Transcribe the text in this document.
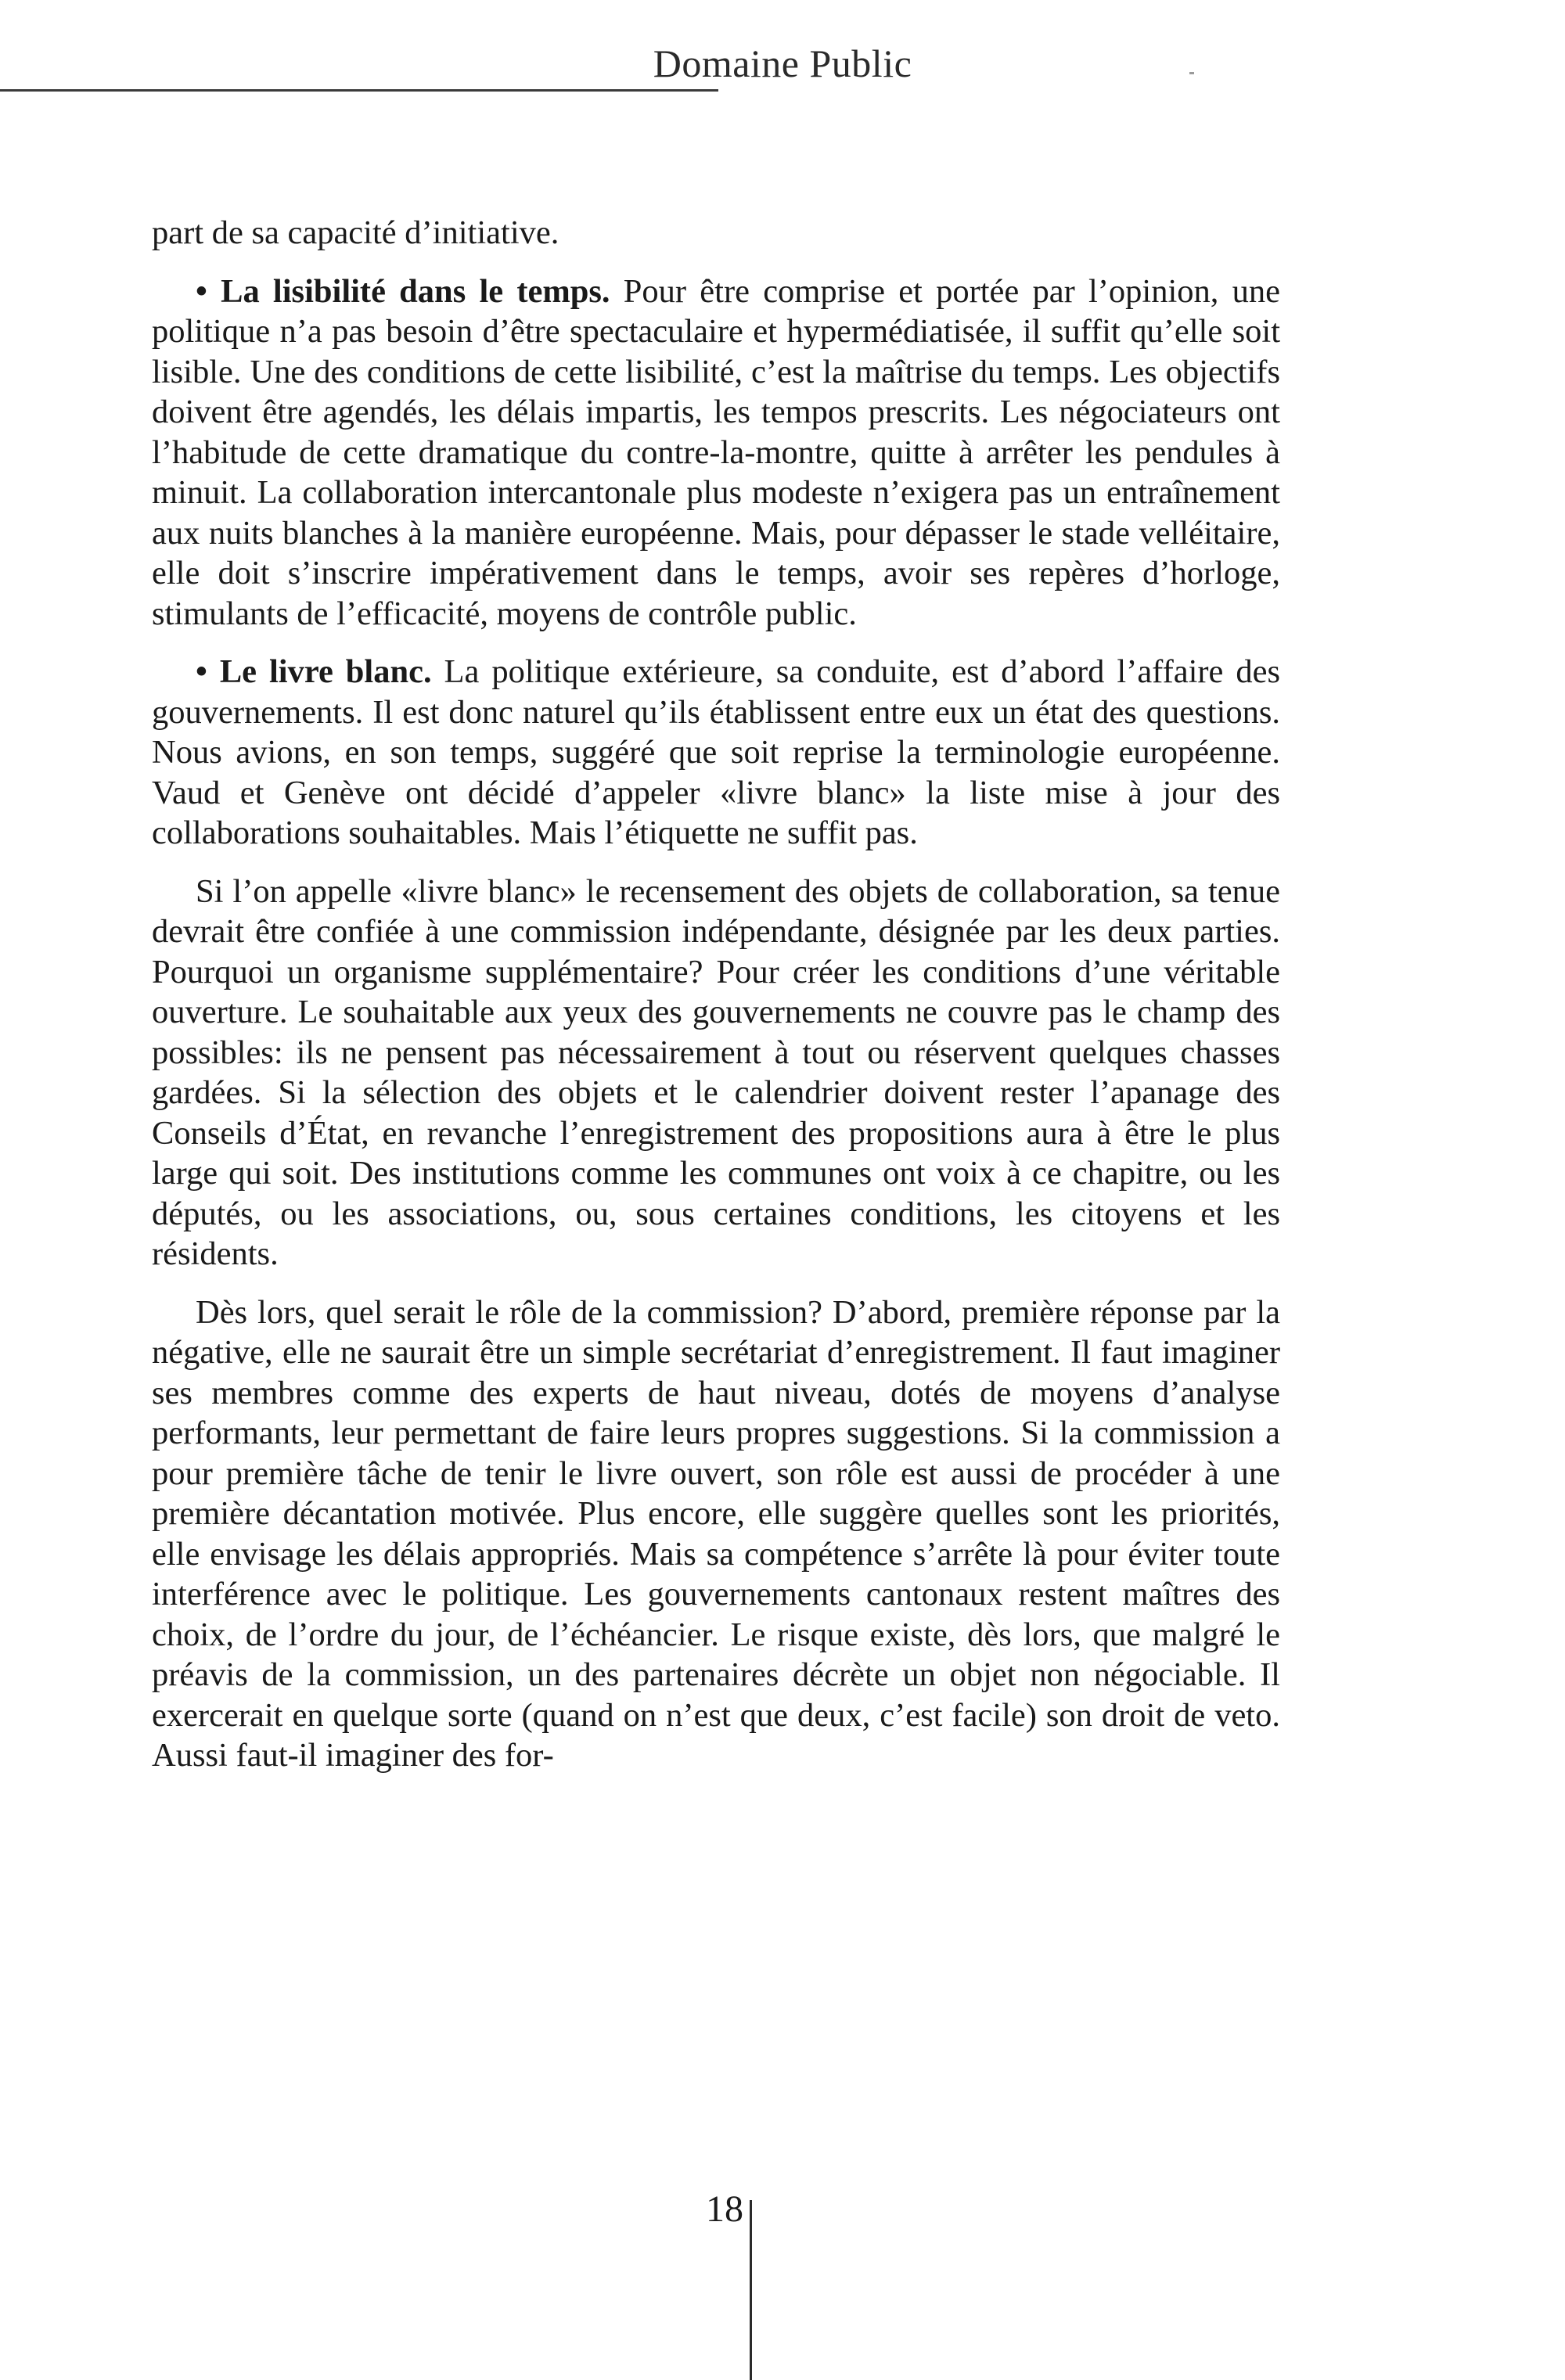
Domaine Public

part de sa capacité d’initiative.

• La lisibilité dans le temps. Pour être comprise et portée par l’opinion, une politique n’a pas besoin d’être spectaculaire et hypermédiatisée, il suffit qu’elle soit lisible. Une des conditions de cette lisibilité, c’est la maîtrise du temps. Les objectifs doivent être agendés, les délais impartis, les tempos prescrits. Les négociateurs ont l’habitude de cette dramatique du contre-la-montre, quitte à arrêter les pendules à minuit. La collaboration intercantonale plus modeste n’exigera pas un entraînement aux nuits blanches à la manière européenne. Mais, pour dépasser le stade velléitaire, elle doit s’inscrire impérativement dans le temps, avoir ses repères d’horloge, stimulants de l’efficacité, moyens de contrôle public.

• Le livre blanc. La politique extérieure, sa conduite, est d’abord l’affaire des gouvernements. Il est donc naturel qu’ils établissent entre eux un état des questions. Nous avions, en son temps, suggéré que soit reprise la terminologie européenne. Vaud et Genève ont décidé d’appeler «livre blanc» la liste mise à jour des collaborations souhaitables. Mais l’étiquette ne suffit pas.

Si l’on appelle «livre blanc» le recensement des objets de collaboration, sa tenue devrait être confiée à une commission indépendante, désignée par les deux parties. Pourquoi un organisme supplémentaire? Pour créer les conditions d’une véritable ouverture. Le souhaitable aux yeux des gouvernements ne couvre pas le champ des possibles: ils ne pensent pas nécessairement à tout ou réservent quelques chasses gardées. Si la sélection des objets et le calendrier doivent rester l’apanage des Conseils d’État, en revanche l’enregistrement des propositions aura à être le plus large qui soit. Des institutions comme les communes ont voix à ce chapitre, ou les députés, ou les associations, ou, sous certaines conditions, les citoyens et les résidents.

Dès lors, quel serait le rôle de la commission? D’abord, première réponse par la négative, elle ne saurait être un simple secrétariat d’enregistrement. Il faut imaginer ses membres comme des experts de haut niveau, dotés de moyens d’analyse performants, leur permettant de faire leurs propres suggestions. Si la commission a pour première tâche de tenir le livre ouvert, son rôle est aussi de procéder à une première décantation motivée. Plus encore, elle suggère quelles sont les priorités, elle envisage les délais appropriés. Mais sa compétence s’arrête là pour éviter toute interférence avec le politique. Les gouvernements cantonaux restent maîtres des choix, de l’ordre du jour, de l’échéancier. Le risque existe, dès lors, que malgré le préavis de la commission, un des partenaires décrète un objet non négociable. Il exercerait en quelque sorte (quand on n’est que deux, c’est facile) son droit de veto. Aussi faut-il imaginer des for-

18
